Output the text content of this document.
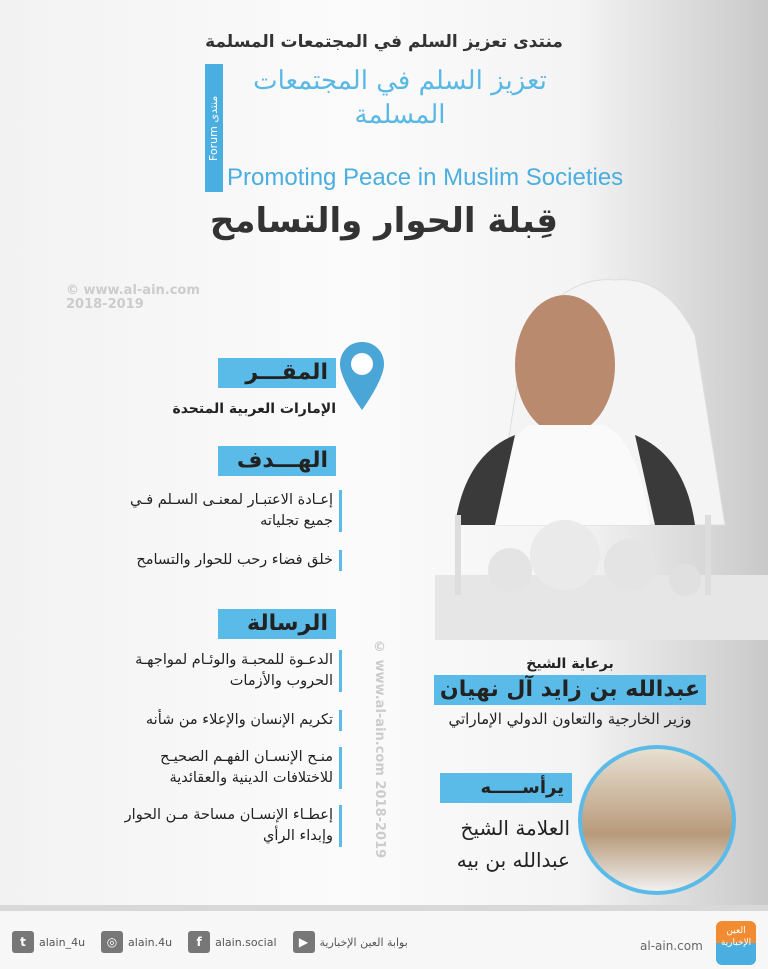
منتدى تعزيز السلم في المجتمعات المسلمة
Forum منتدى
تعزيز السلم في المجتمعات المسلمة
Promoting Peace in Muslim Societies
قِبلة الحوار والتسامح
© www.al-ain.com
2018-2019
© www.al-ain.com 2018-2019
المقـــر
الإمارات العربية المتحدة
الهـــدف
إعـادة الاعتبـار لمعنـى السـلم فـي جميع تجلياته
خلق فضاء رحب للحوار والتسامح
الرسالة
الدعـوة للمحبـة والوئـام لمواجهـة الحروب والأزمات
تكريم الإنسان والإعلاء من شأنه
منـح الإنسـان الفهـم الصحيـح للاختلافات الدينية والعقائدية
إعطـاء الإنسـان مساحة مـن الحوار وإبداء الرأي
برعاية الشيخ
عبدالله بن زايد آل نهيان
وزير الخارجية والتعاون الدولي الإماراتي
يرأســـــه
العلامة الشيخ
عبدالله بن بيه
t	alain_4u	◎ alain.4u	f	alain.social	▶	بوابة العين الإخبارية	al-ain.com
العين الإخبارية
